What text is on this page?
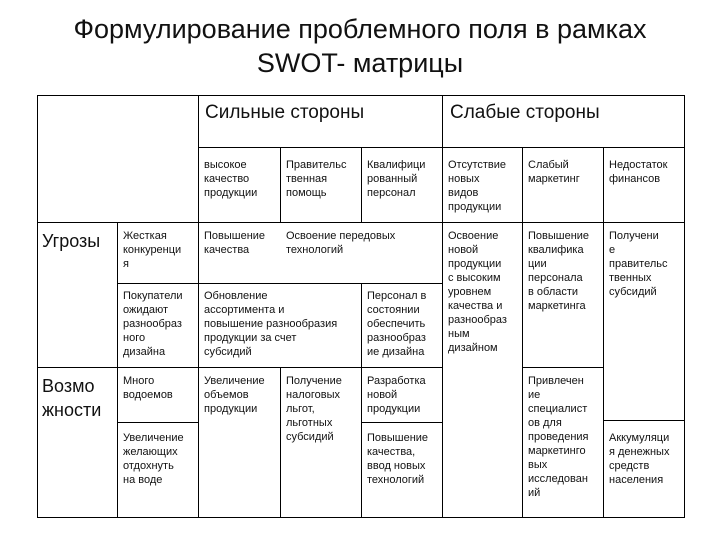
Формулирование проблемного поля в рамках
SWOT- матрицы
Сильные стороны	Слабые стороны
высокое
качество
продукции
Правительс
твенная
помощь
Квалифици
рованный
персонал
Отсутствие
новых
видов
продукции
Слабый
маркетинг
Недостаток
финансов
Угрозы
Возмо
жности
Жесткая
конкуренци
я
Покупатели
ожидают
разнообраз
ного
дизайна
Много
водоемов
Увеличение
желающих
отдохнуть
на воде
Повышение
качества
Освоение передовых
технологий
Обновление
ассортимента и
повышение разнообразия
продукции за счет
субсидий
Персонал в
состоянии
обеспечить
разнообраз
ие дизайна
Освоение
новой
продукции
с высоким
уровнем
качества и
разнообраз
ным
дизайном
Повышение
квалифика
ции
персонала
в области
маркетинга
Получени
е
правительс
твенных
субсидий
Увеличение
объемов
продукции
Получение
налоговых
льгот,
льготных
субсидий
Разработка
новой
продукции
Повышение
качества,
ввод новых
технологий
Привлечен
ие
специалист
ов для
проведения
маркетинго
вых
исследован
ий
Аккумуляци
я денежных
средств
населения
